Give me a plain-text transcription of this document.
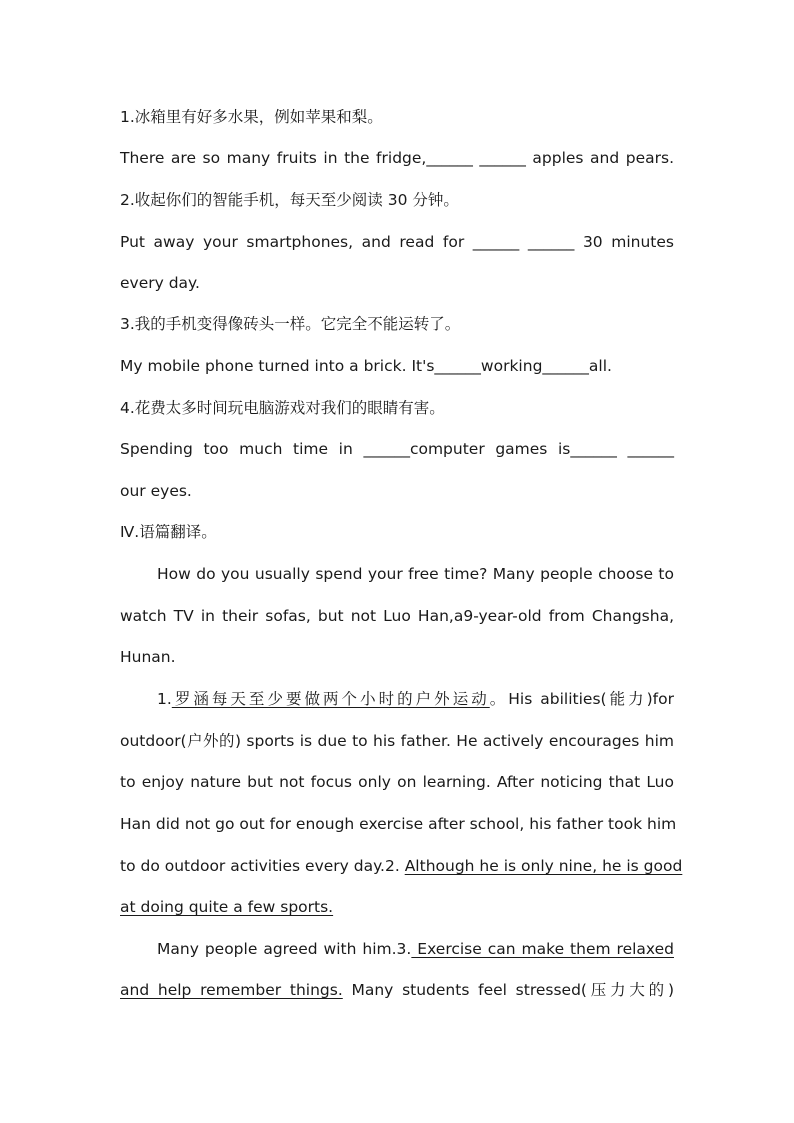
1.冰箱里有好多水果，例如苹果和梨。
There are so many fruits in the fridge,______ ______ apples and pears.
2.收起你们的智能手机，每天至少阅读 30 分钟。
Put away your smartphones, and read for ______ ______ 30 minutes
every day.
3.我的手机变得像砖头一样。它完全不能运转了。
My mobile phone turned into a brick. It's______working______all.
4.花费太多时间玩电脑游戏对我们的眼睛有害。
Spending too much time in ______computer games is______ ______
our eyes.
Ⅳ.语篇翻译。
How do you usually spend your free time? Many people choose to
watch TV in their sofas, but not Luo Han,a9-year-old from Changsha,
Hunan.
1.罗涵每天至少要做两个小时的户外运动。His abilities(能力)for
outdoor(户外的) sports is due to his father. He actively encourages him
to enjoy nature but not focus only on learning. After noticing that Luo
Han did not go out for enough exercise after school, his father took him
to do outdoor activities every day.2. Although he is only nine, he is good
at doing quite a few sports.
Many people agreed with him.3. Exercise can make them relaxed
and help remember things. Many students feel stressed(压力大的)
